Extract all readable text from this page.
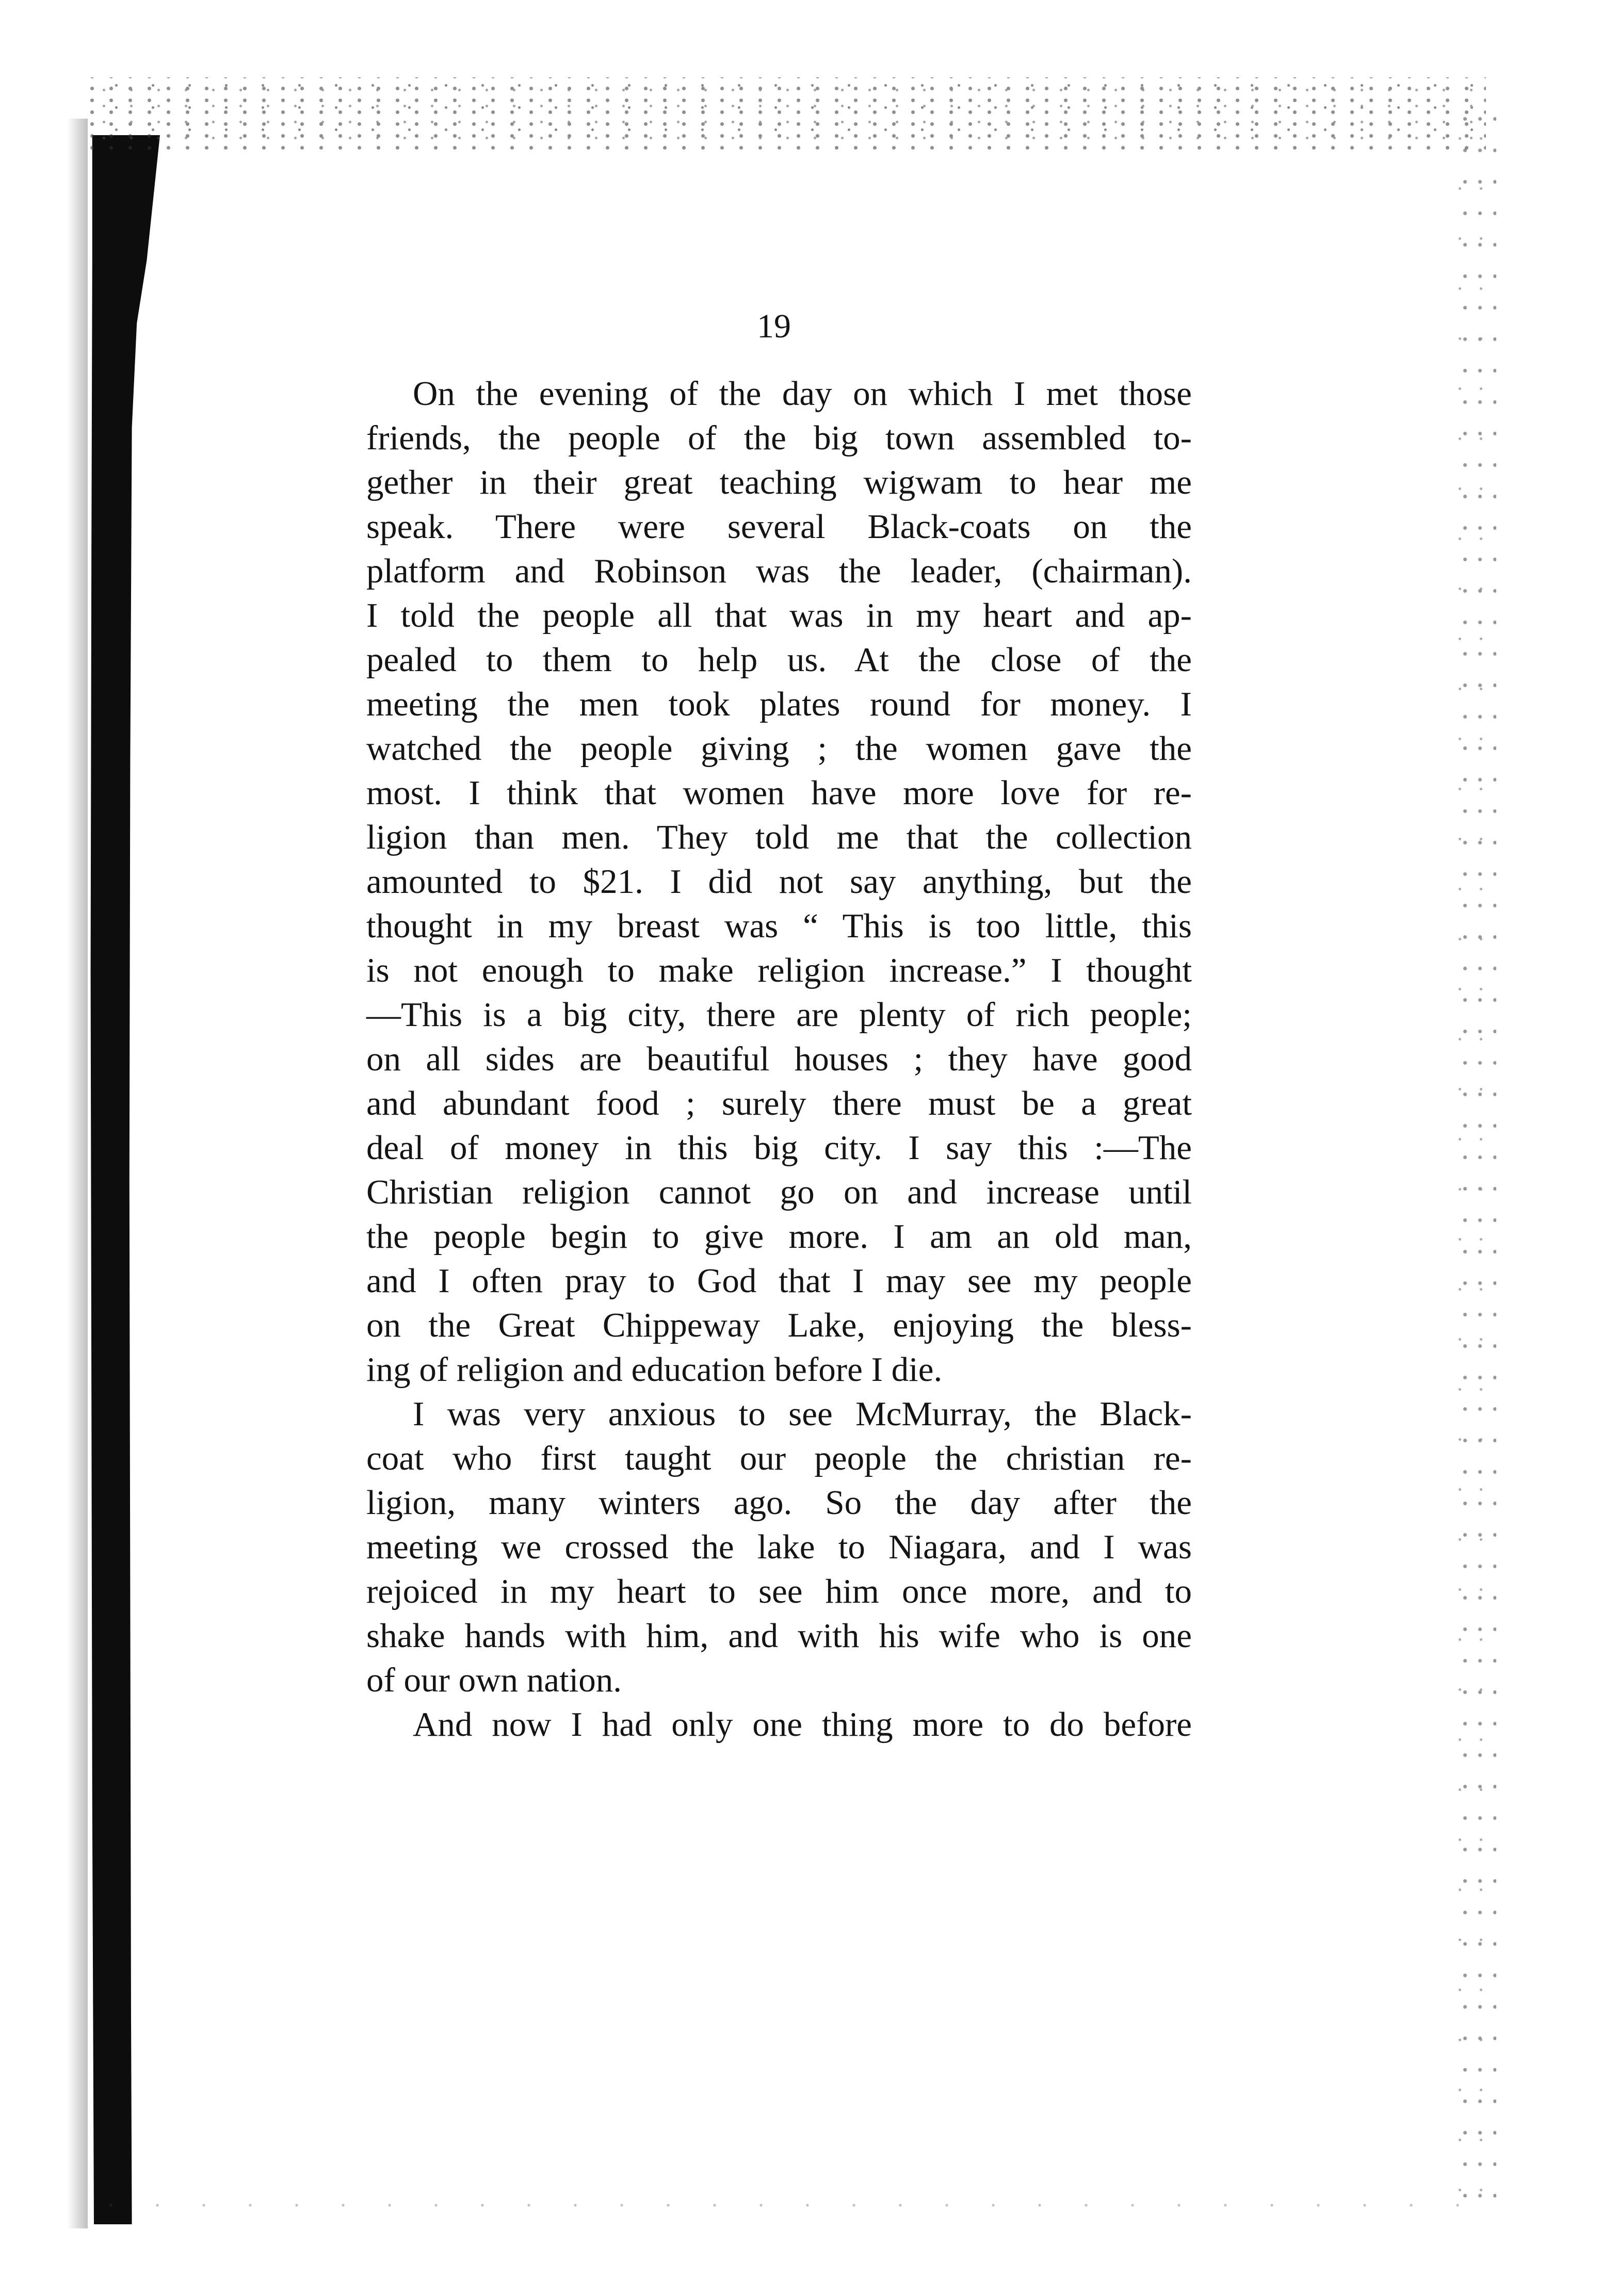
19
On the evening of the day on which I met those
friends, the people of the big town assembled to-
gether in their great teaching wigwam to hear me
speak. There were several Black-coats on the
platform and Robinson was the leader, (chairman).
I told the people all that was in my heart and ap-
pealed to them to help us. At the close of the
meeting the men took plates round for money. I
watched the people giving ; the women gave the
most. I think that women have more love for re-
ligion than men. They told me that the collection
amounted to $21. I did not say anything, but the
thought in my breast was “ This is too little, this
is not enough to make religion increase.” I thought
—This is a big city, there are plenty of rich people;
on all sides are beautiful houses ; they have good
and abundant food ; surely there must be a great
deal of money in this big city. I say this :—The
Christian religion cannot go on and increase until
the people begin to give more. I am an old man,
and I often pray to God that I may see my people
on the Great Chippeway Lake, enjoying the bless-
ing of religion and education before I die.
I was very anxious to see McMurray, the Black-
coat who first taught our people the christian re-
ligion, many winters ago. So the day after the
meeting we crossed the lake to Niagara, and I was
rejoiced in my heart to see him once more, and to
shake hands with him, and with his wife who is one
of our own nation.
And now I had only one thing more to do before
